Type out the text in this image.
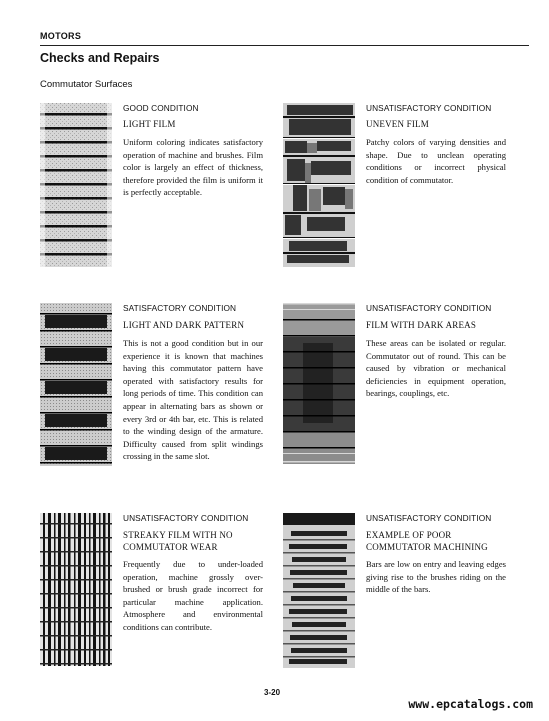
MOTORS
Checks and Repairs
Commutator Surfaces
GOOD CONDITION
LIGHT FILM
Uniform coloring indicates satisfactory operation of machine and brushes. Film color is largely an effect of thickness, therefore provided the film is uniform it is perfectly acceptable.
UNSATISFACTORY CONDITION
UNEVEN FILM
Patchy colors of varying densities and shape. Due to unclean operating conditions or incorrect physical condition of commutator.
SATISFACTORY CONDITION
LIGHT AND DARK PATTERN
This is not a good condition but in our experience it is known that machines having this commutator pattern have operated with satisfactory results for long periods of time. This condition can appear in alternating bars as shown or every 3rd or 4th bar, etc. This is related to the winding design of the armature. Difficulty caused from split windings crossing in the same slot.
UNSATISFACTORY CONDITION
FILM WITH DARK AREAS
These areas can be isolated or regular. Commutator out of round. This can be caused by vibration or mechanical deficiencies in equipment operation, bearings, couplings, etc.
UNSATISFACTORY CONDITION
STREAKY FILM WITH NO
COMMUTATOR WEAR
Frequently due to under-loaded operation, machine grossly over-brushed or brush grade incorrect for particular machine application. Atmosphere and environmental conditions can contribute.
UNSATISFACTORY CONDITION
EXAMPLE OF POOR
COMMUTATOR MACHINING
Bars are low on entry and leaving edges giving rise to the brushes riding on the middle of the bars.
3-20
www.epcatalogs.com
